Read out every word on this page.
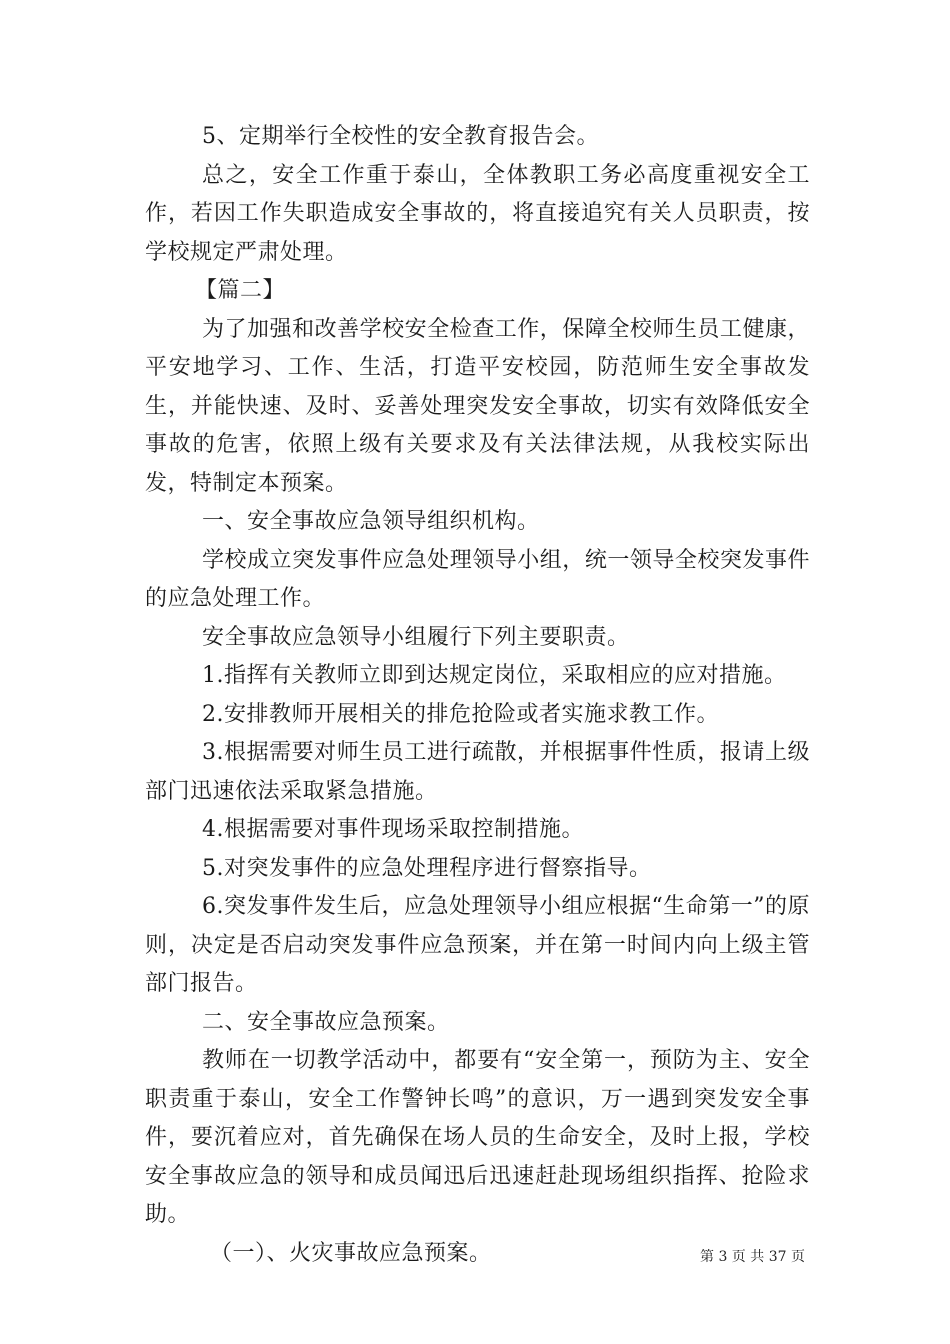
5、定期举行全校性的安全教育报告会。

总之，安全工作重于泰山，全体教职工务必高度重视安全工作，若因工作失职造成安全事故的，将直接追究有关人员职责，按学校规定严肃处理。

【篇二】

为了加强和改善学校安全检查工作，保障全校师生员工健康，平安地学习、工作、生活，打造平安校园，防范师生安全事故发生，并能快速、及时、妥善处理突发安全事故，切实有效降低安全事故的危害，依照上级有关要求及有关法律法规，从我校实际出发，特制定本预案。

一、安全事故应急领导组织机构。

学校成立突发事件应急处理领导小组，统一领导全校突发事件的应急处理工作。

安全事故应急领导小组履行下列主要职责。

1.指挥有关教师立即到达规定岗位，采取相应的应对措施。

2.安排教师开展相关的排危抢险或者实施求教工作。

3.根据需要对师生员工进行疏散，并根据事件性质，报请上级部门迅速依法采取紧急措施。

4.根据需要对事件现场采取控制措施。

5.对突发事件的应急处理程序进行督察指导。

6.突发事件发生后，应急处理领导小组应根据“生命第一”的原则，决定是否启动突发事件应急预案，并在第一时间内向上级主管部门报告。

二、安全事故应急预案。

教师在一切教学活动中，都要有“安全第一，预防为主、安全职责重于泰山，安全工作警钟长鸣”的意识，万一遇到突发安全事件，要沉着应对，首先确保在场人员的生命安全，及时上报，学校安全事故应急的领导和成员闻迅后迅速赶赴现场组织指挥、抢险求助。

（一）、火灾事故应急预案。	第 3 页 共 37 页
